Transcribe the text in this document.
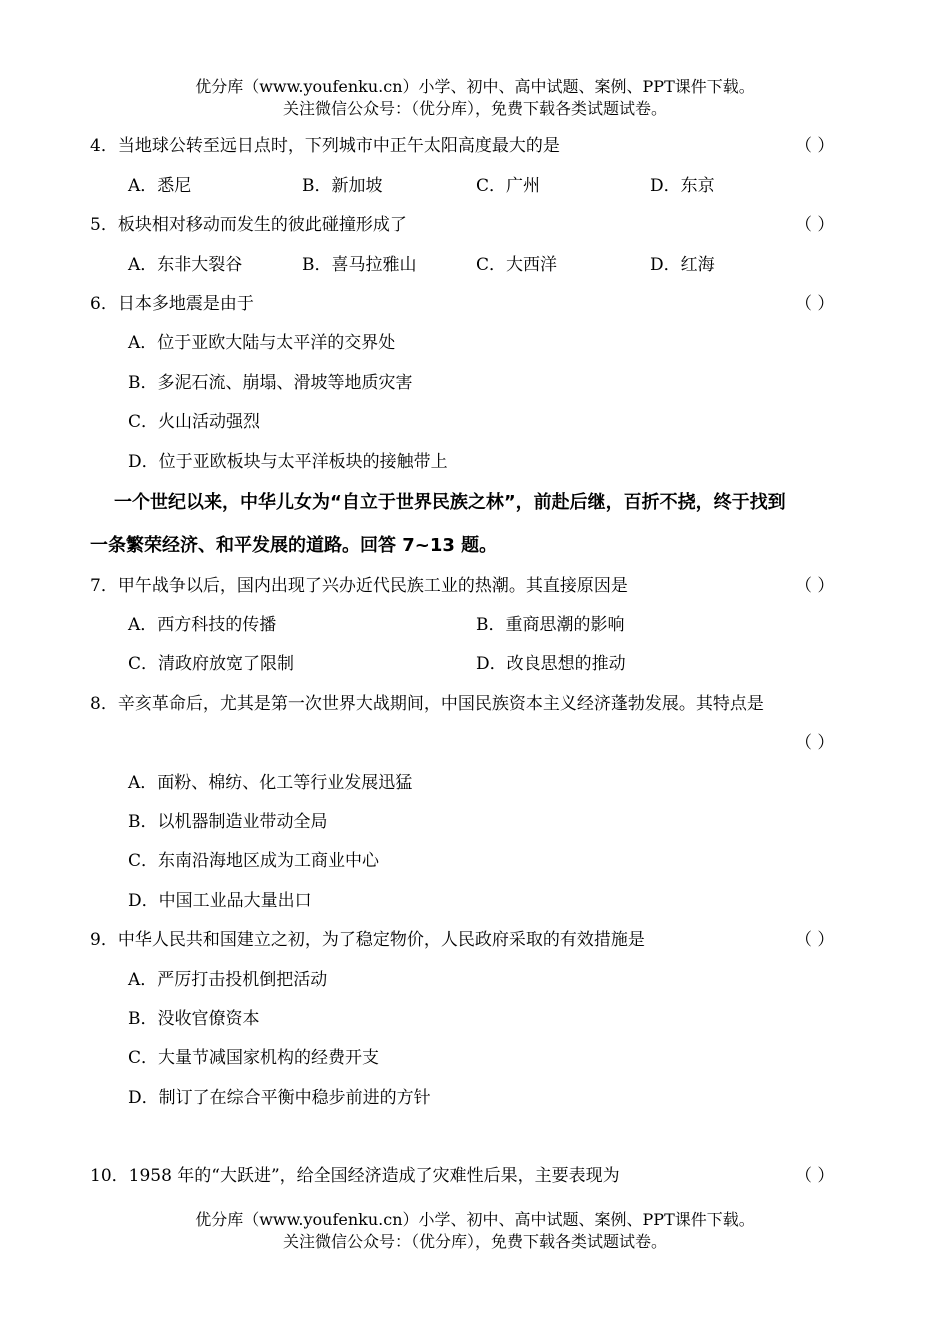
优分库（www.youfenku.cn）小学、初中、高中试题、案例、PPT课件下载。
关注微信公众号：（优分库），免费下载各类试题试卷。
4．当地球公转至远日点时，下列城市中正午太阳高度最大的是	（ ）
A．悉尼	B．新加坡	C．广州	D．东京
5．板块相对移动而发生的彼此碰撞形成了	（ ）
A．东非大裂谷	B．喜马拉雅山	C．大西洋	D．红海
6．日本多地震是由于	（ ）
A．位于亚欧大陆与太平洋的交界处
B．多泥石流、崩塌、滑坡等地质灾害
C．火山活动强烈
D．位于亚欧板块与太平洋板块的接触带上
一个世纪以来，中华儿女为“自立于世界民族之林”，前赴后继，百折不挠，终于找到
一条繁荣经济、和平发展的道路。回答 7~13 题。
7．甲午战争以后，国内出现了兴办近代民族工业的热潮。其直接原因是	（ ）
A．西方科技的传播	B．重商思潮的影响
C．清政府放宽了限制	D．改良思想的推动
8．辛亥革命后，尤其是第一次世界大战期间，中国民族资本主义经济蓬勃发展。其特点是
（ ）
A．面粉、棉纺、化工等行业发展迅猛
B．以机器制造业带动全局
C．东南沿海地区成为工商业中心
D．中国工业品大量出口
9．中华人民共和国建立之初，为了稳定物价，人民政府采取的有效措施是	（ ）
A．严厉打击投机倒把活动
B．没收官僚资本
C．大量节减国家机构的经费开支
D．制订了在综合平衡中稳步前进的方针
10．1958 年的“大跃进”，给全国经济造成了灾难性后果，主要表现为	（ ）
优分库（www.youfenku.cn）小学、初中、高中试题、案例、PPT课件下载。
关注微信公众号：（优分库），免费下载各类试题试卷。
